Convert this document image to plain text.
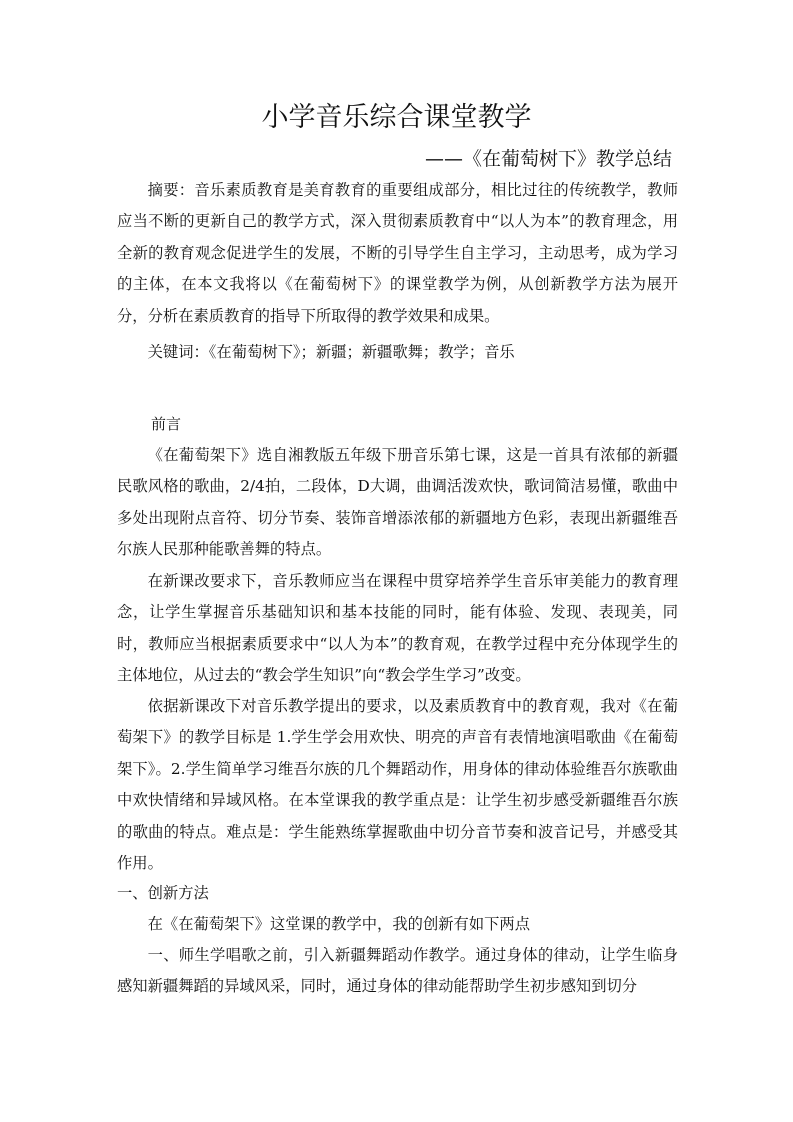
小学音乐综合课堂教学
——《在葡萄树下》教学总结
摘要：音乐素质教育是美育教育的重要组成部分，相比过往的传统教学，教师应当不断的更新自己的教学方式，深入贯彻素质教育中“以人为本”的教育理念，用全新的教育观念促进学生的发展，不断的引导学生自主学习，主动思考，成为学习的主体，在本文我将以《在葡萄树下》的课堂教学为例，从创新教学方法为展开分，分析在素质教育的指导下所取得的教学效果和成果。
关键词：《在葡萄树下》；新疆；新疆歌舞；教学；音乐
前言
《在葡萄架下》选自湘教版五年级下册音乐第七课，这是一首具有浓郁的新疆民歌风格的歌曲，2/4拍，二段体，D大调，曲调活泼欢快，歌词简洁易懂，歌曲中多处出现附点音符、切分节奏、装饰音增添浓郁的新疆地方色彩，表现出新疆维吾尔族人民那种能歌善舞的特点。
在新课改要求下，音乐教师应当在课程中贯穿培养学生音乐审美能力的教育理念，让学生掌握音乐基础知识和基本技能的同时，能有体验、发现、表现美，同时，教师应当根据素质要求中“以人为本”的教育观，在教学过程中充分体现学生的主体地位，从过去的“教会学生知识”向“教会学生学习”改变。
依据新课改下对音乐教学提出的要求，以及素质教育中的教育观，我对《在葡萄架下》的教学目标是 1.学生学会用欢快、明亮的声音有表情地演唱歌曲《在葡萄架下》。2.学生简单学习维吾尔族的几个舞蹈动作，用身体的律动体验维吾尔族歌曲中欢快情绪和异域风格。在本堂课我的教学重点是：让学生初步感受新疆维吾尔族的歌曲的特点。难点是：学生能熟练掌握歌曲中切分音节奏和波音记号，并感受其作用。
一、创新方法
在《在葡萄架下》这堂课的教学中，我的创新有如下两点
一、师生学唱歌之前，引入新疆舞蹈动作教学。通过身体的律动，让学生临身感知新疆舞蹈的异域风采，同时，通过身体的律动能帮助学生初步感知到切分
